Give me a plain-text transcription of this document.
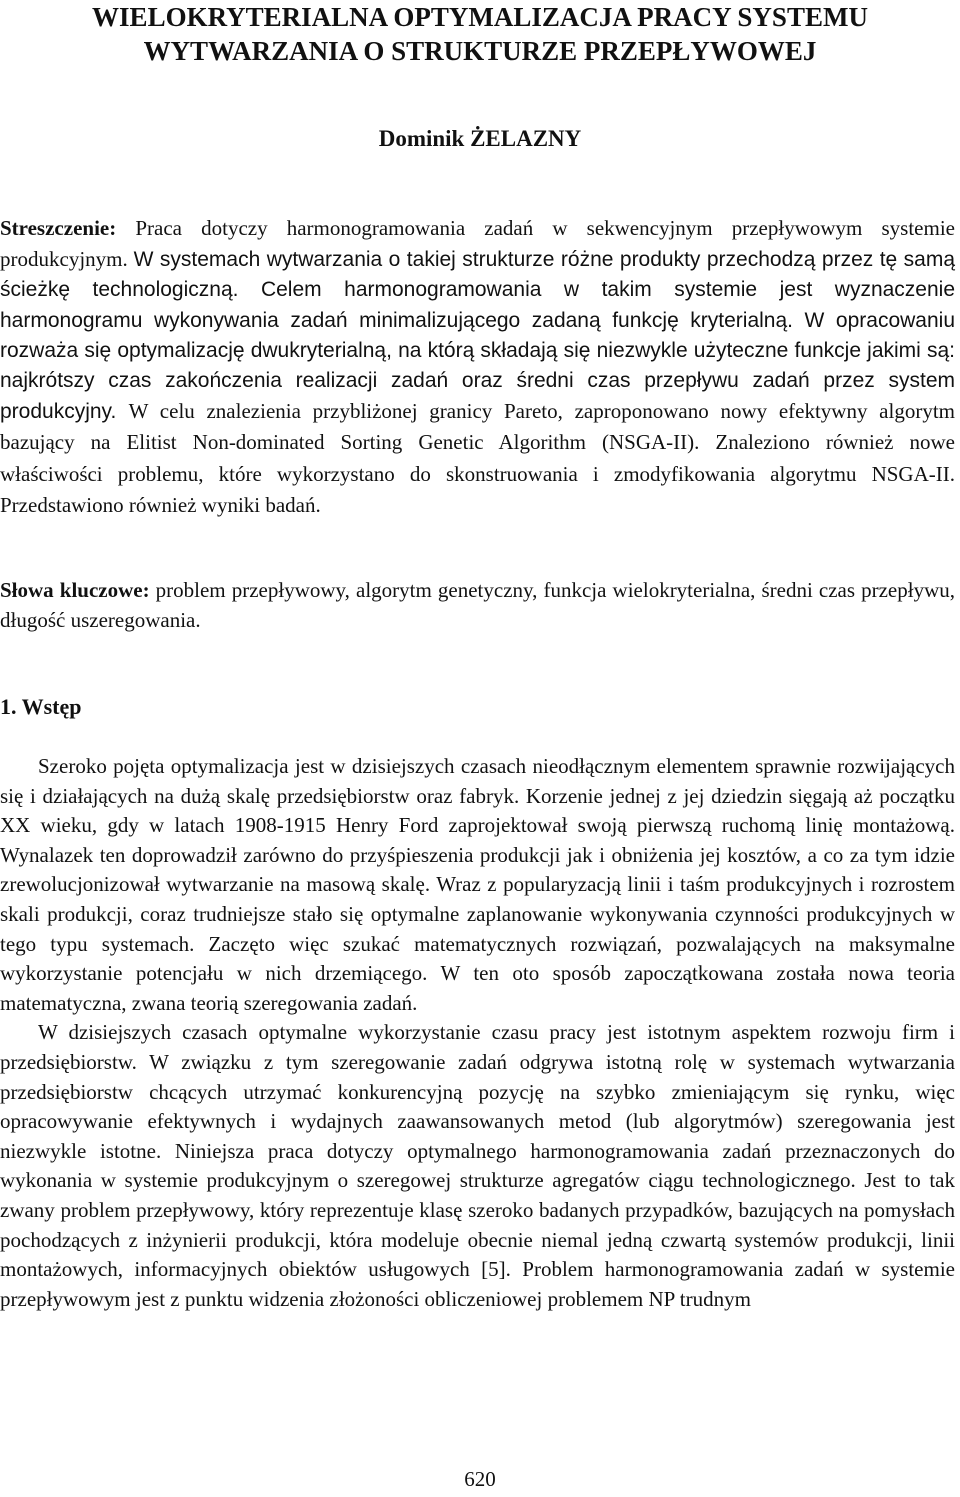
WIELOKRYTERIALNA OPTYMALIZACJA PRACY SYSTEMU WYTWARZANIA O STRUKTURZE PRZEPŁYWOWEJ
Dominik ŻELAZNY

Streszczenie: Praca dotyczy harmonogramowania zadań w sekwencyjnym przepływowym systemie produkcyjnym. W systemach wytwarzania o takiej strukturze różne produkty przechodzą przez tę samą ścieżkę technologiczną. Celem harmonogramowania w takim systemie jest wyznaczenie harmonogramu wykonywania zadań minimalizującego zadaną funkcję kryterialną. W opracowaniu rozważa się optymalizację dwukryterialną, na którą składają się niezwykle użyteczne funkcje jakimi są: najkrótszy czas zakończenia realizacji zadań oraz średni czas przepływu zadań przez system produkcyjny. W celu znalezienia przybliżonej granicy Pareto, zaproponowano nowy efektywny algorytm bazujący na Elitist Non-dominated Sorting Genetic Algorithm (NSGA-II). Znaleziono również nowe właściwości problemu, które wykorzystano do skonstruowania i zmodyfikowania algorytmu NSGA-II. Przedstawiono również wyniki badań.

Słowa kluczowe: problem przepływowy, algorytm genetyczny, funkcja wielokryterialna, średni czas przepływu, długość uszeregowania.

1. Wstęp

Szeroko pojęta optymalizacja jest w dzisiejszych czasach nieodłącznym elementem sprawnie rozwijających się i działających na dużą skalę przedsiębiorstw oraz fabryk. Korzenie jednej z jej dziedzin sięgają aż początku XX wieku, gdy w latach 1908-1915 Henry Ford zaprojektował swoją pierwszą ruchomą linię montażową. Wynalazek ten doprowadził zarówno do przyśpieszenia produkcji jak i obniżenia jej kosztów, a co za tym idzie zrewolucjonizował wytwarzanie na masową skalę. Wraz z popularyzacją linii i taśm produkcyjnych i rozrostem skali produkcji, coraz trudniejsze stało się optymalne zaplanowanie wykonywania czynności produkcyjnych w tego typu systemach. Zaczęto więc szukać matematycznych rozwiązań, pozwalających na maksymalne wykorzystanie potencjału w nich drzemiącego. W ten oto sposób zapoczątkowana została nowa teoria matematyczna, zwana teorią szeregowania zadań.

W dzisiejszych czasach optymalne wykorzystanie czasu pracy jest istotnym aspektem rozwoju firm i przedsiębiorstw. W związku z tym szeregowanie zadań odgrywa istotną rolę w systemach wytwarzania przedsiębiorstw chcących utrzymać konkurencyjną pozycję na szybko zmieniającym się rynku, więc opracowywanie efektywnych i wydajnych zaawansowanych metod (lub algorytmów) szeregowania jest niezwykle istotne. Niniejsza praca dotyczy optymalnego harmonogramowania zadań przeznaczonych do wykonania w systemie produkcyjnym o szeregowej strukturze agregatów ciągu technologicznego. Jest to tak zwany problem przepływowy, który reprezentuje klasę szeroko badanych przypadków, bazujących na pomysłach pochodzących z inżynierii produkcji, która modeluje obecnie niemal jedną czwartą systemów produkcji, linii montażowych, informacyjnych obiektów usługowych [5]. Problem harmonogramowania zadań w systemie przepływowym jest z punktu widzenia złożoności obliczeniowej problemem NP trudnym

620
